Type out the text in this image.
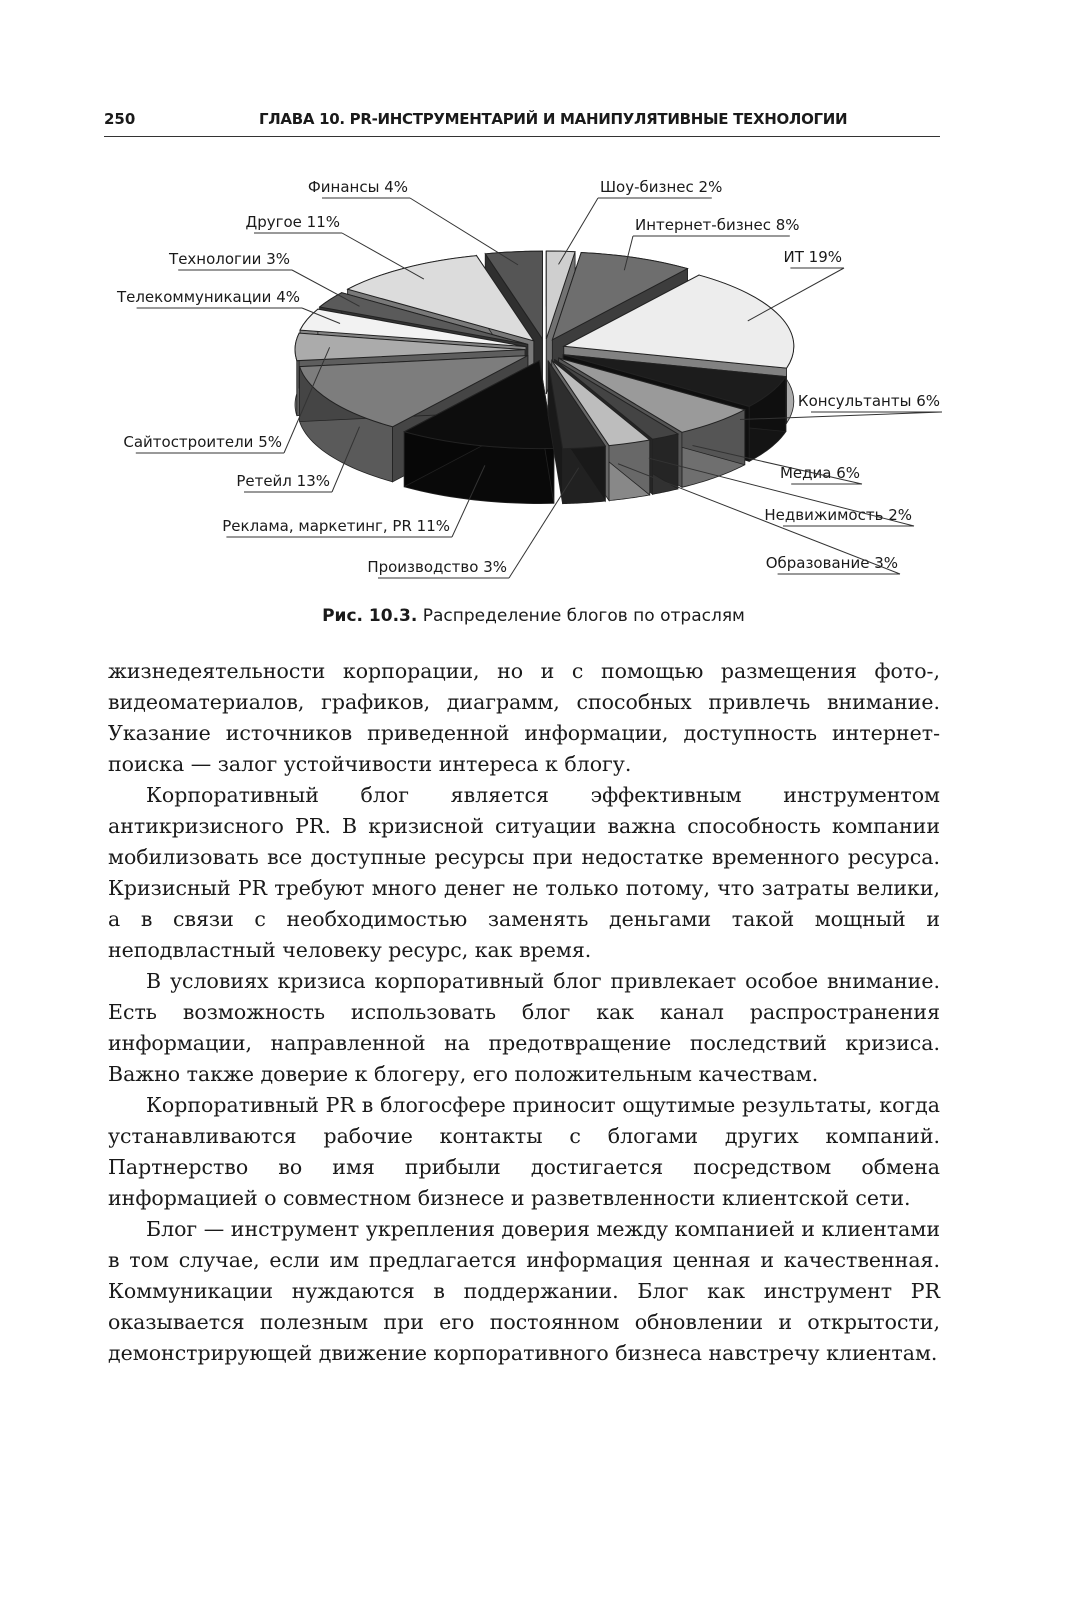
250	ГЛАВА 10. PR-ИНСТРУМЕНТАРИЙ И МАНИПУЛЯТИВНЫЕ ТЕХНОЛОГИИ
Шоу-бизнес 2%
Интернет-бизнес 8%
ИТ 19%
Консультанты 6%
Медиа 6%
Недвижимость 2%
Образование 3%
Производство 3%
Реклама, маркетинг, PR 11%
Ретейл 13%
Сайтостроители 5%
Телекоммуникации 4%
Технологии 3%
Другое 11%
Финансы 4%
Рис. 10.3. Распределение блогов по отраслям

жизнедеятельности корпорации, но и с помощью размещения фото-, видеоматериалов, графиков, диаграмм, способных привлечь внимание. Указание источников приведенной информации, доступность интернет-поиска — залог устойчивости интереса к блогу.

Корпоративный блог является эффективным инструментом антикризисного PR. В кризисной ситуации важна способность компании мобилизовать все доступные ресурсы при недостатке временного ресурса. Кризисный PR требуют много денег не только потому, что затраты велики, а в связи с необходимостью заменять деньгами такой мощный и неподвластный человеку ресурс, как время.

В условиях кризиса корпоративный блог привлекает особое внимание. Есть возможность использовать блог как канал распространения информации, направленной на предотвращение последствий кризиса. Важно также доверие к блогеру, его положительным качествам.

Корпоративный PR в блогосфере приносит ощутимые результаты, когда устанавливаются рабочие контакты с блогами других компаний. Партнерство во имя прибыли достигается посредством обмена информацией о совместном бизнесе и разветвленности клиентской сети.

Блог — инструмент укрепления доверия между компанией и клиентами в том случае, если им предлагается информация ценная и качественная. Коммуникации нуждаются в поддержании. Блог как инструмент PR оказывается полезным при его постоянном обновлении и открытости, демонстрирующей движение корпоративного бизнеса навстречу клиентам.
